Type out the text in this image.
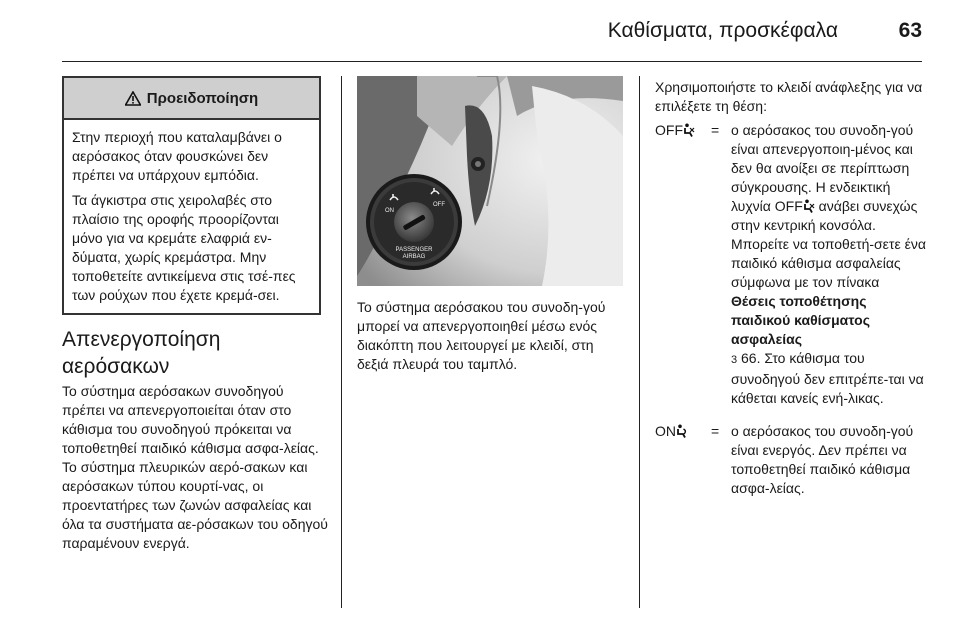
Καθίσματα, προσκέφαλα	63
Προειδοποίηση

Στην περιοχή που καταλαμβάνει ο αερόσακος όταν φουσκώνει δεν πρέπει να υπάρχουν εμπόδια.

Τα άγκιστρα στις χειρολαβές στο πλαίσιο της οροφής προορίζονται μόνο για να κρεμάτε ελαφριά εν-δύματα, χωρίς κρεμάστρα. Μην τοποθετείτε αντικείμενα στις τσέ-πες των ρούχων που έχετε κρεμά-σει.

Απενεργοποίηση αερόσακων
Το σύστημα αερόσακων συνοδηγού πρέπει να απενεργοποιείται όταν στο κάθισμα του συνοδηγού πρόκειται να τοποθετηθεί παιδικό κάθισμα ασφα-λείας. Το σύστημα πλευρικών αερό-σακων και αερόσακων τύπου κουρτί-νας, οι προεντατήρες των ζωνών ασφαλείας και όλα τα συστήματα αε-ρόσακων του οδηγού παραμένουν ενεργά.
ON
OFF
PASSENGER
AIRBAG
Το σύστημα αερόσακου του συνοδη-γού μπορεί να απενεργοποιηθεί μέσω ενός διακόπτη που λειτουργεί με κλειδί, στη δεξιά πλευρά του ταμπλό.
Χρησιμοποιήστε το κλειδί ανάφλεξης για να επιλέξετε τη θέση:
OFF	= ο αερόσακος του συνοδη-γού είναι απενεργοποιη-μένος και δεν θα ανοίξει σε περίπτωση σύγκρουσης. Η ενδεικτική λυχνία OFF ανάβει συνεχώς στην κεντρική κονσόλα. Μπορείτε να τοποθετή-σετε ένα παιδικό κάθισμα ασφαλείας σύμφωνα με τον πίνακα Θέσεις τοποθέτησης παιδικού καθίσματος ασφαλείας
3 66. Στο κάθισμα του συνοδηγού δεν επιτρέπε-ται να κάθεται κανείς ενή-λικας.
ON	= ο αερόσακος του συνοδη-γού είναι ενεργός. Δεν πρέπει να τοποθετηθεί παιδικό κάθισμα ασφα-λείας.
